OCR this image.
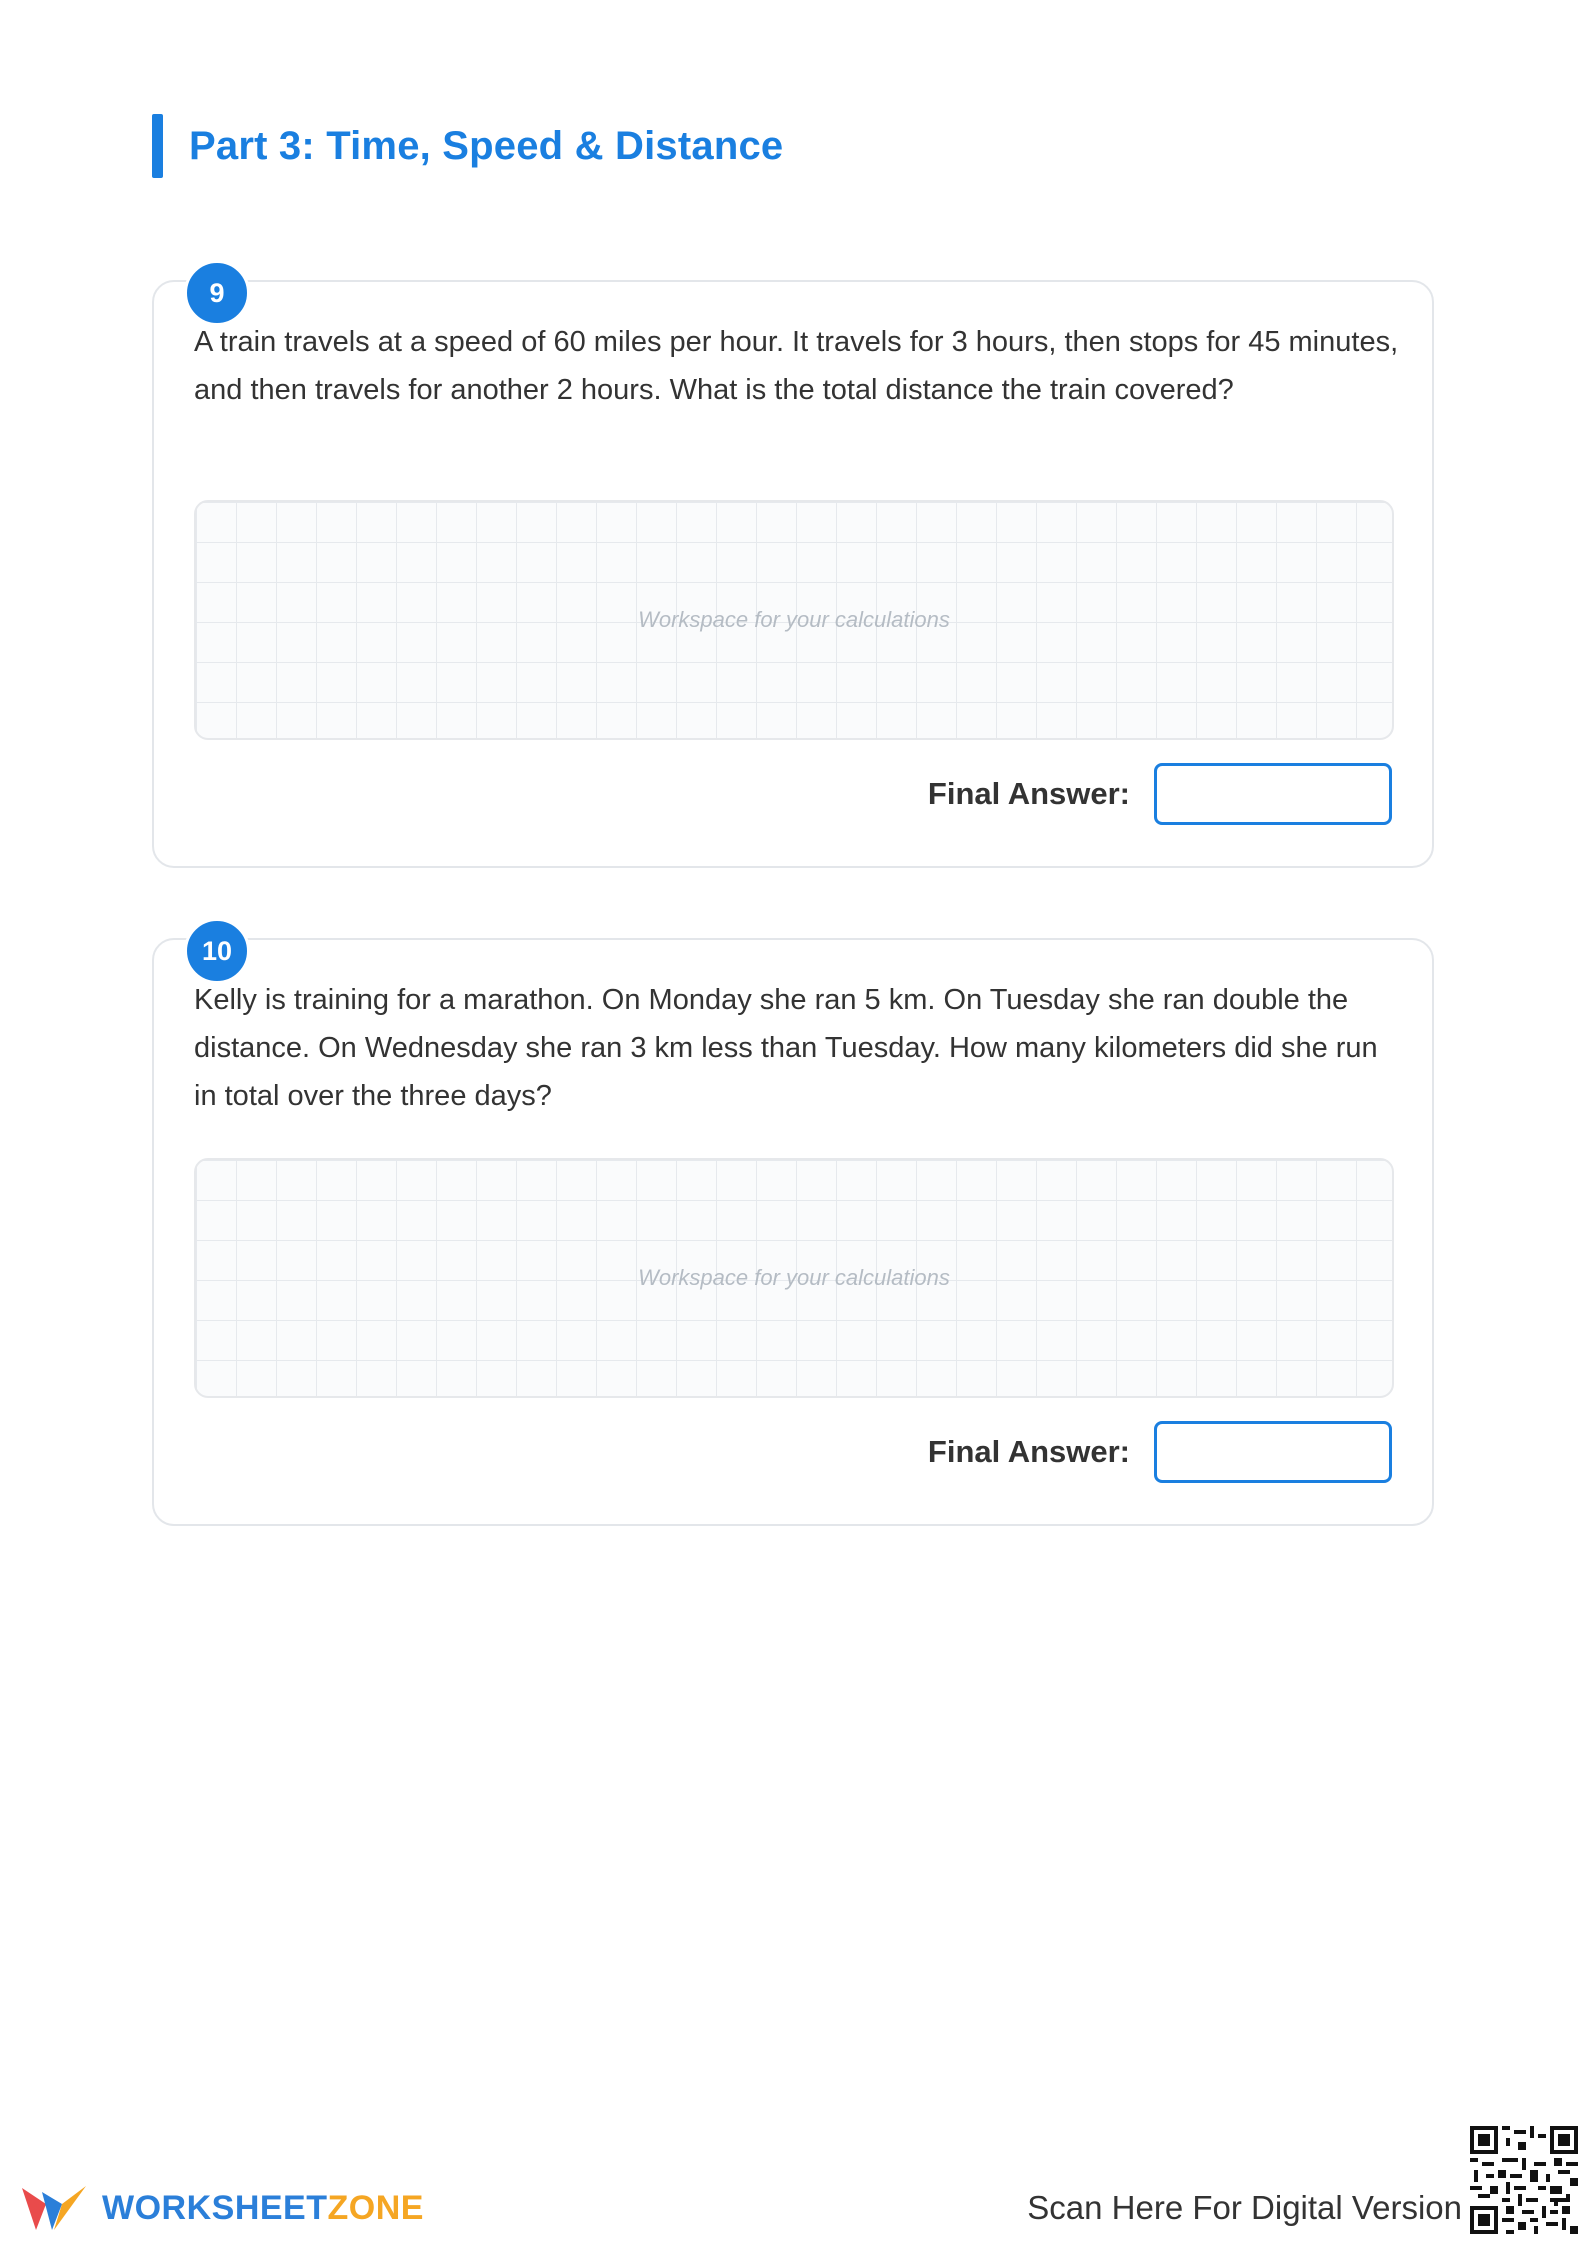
Part 3: Time, Speed & Distance
9
A train travels at a speed of 60 miles per hour. It travels for 3 hours, then stops for 45 minutes, and then travels for another 2 hours. What is the total distance the train covered?
Workspace for your calculations
Final Answer:
10
Kelly is training for a marathon. On Monday she ran 5 km. On Tuesday she ran double the distance. On Wednesday she ran 3 km less than Tuesday. How many kilometers did she run in total over the three days?
Workspace for your calculations
Final Answer:
WORKSHEETZONE	Scan Here For Digital Version
